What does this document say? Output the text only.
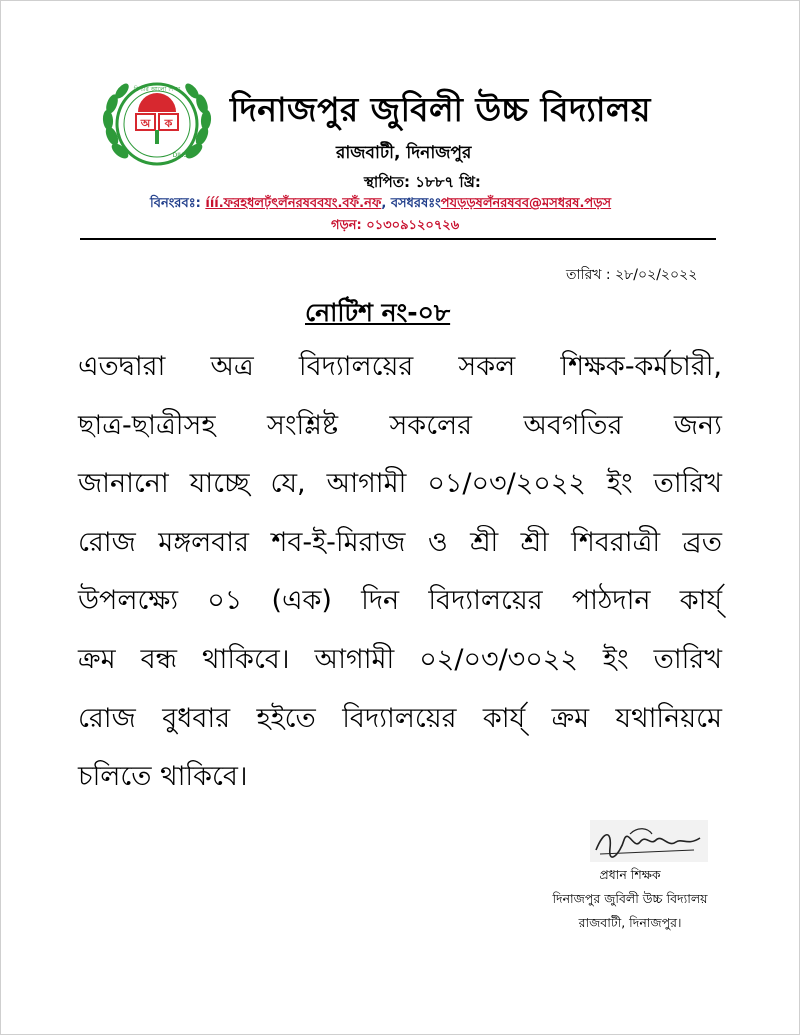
অ ক
বিদ্যার আলো শিক্ষা
DJHS
দিনাজপুর জুবিলী উচ্চ বিদ্যালয়
রাজবাটী, দিনাজপুর
স্থাপিত: ১৮৮৭ খ্রি:
বিনংরবঃ: ííí.ফরহধলঢ়ঁৎলঁনরষববযং.বফঁ.নফ, বসধরষঃংপযড়ড়ষলঁনরষবব@মসধরষ.পড়স
গড়ন: ০১৩০৯১২০৭২৬
তারিখ : ২৮/০২/২০২২
নোটিশ নং-০৮
এতদ্বারা অত্র বিদ্যালয়ের সকল শিক্ষক-কর্মচারী,
ছাত্র-ছাত্রীসহ সংশ্লিষ্ট সকলের অবগতির জন্য
জানানো যাচ্ছে যে, আগামী ০১/০৩/২০২২ ইং তারিখ
রোজ মঙ্গলবার শব-ই-মিরাজ ও শ্রী শ্রী শিবরাত্রী ব্রত
উপলক্ষ্যে ০১ (এক) দিন বিদ্যালয়ের পাঠদান কার্য্
ক্রম বন্ধ থাকিবে। আগামী ০২/০৩/৩০২২ ইং তারিখ
রোজ বুধবার হইতে বিদ্যালয়ের কার্য্ ক্রম যথানিয়মে
চলিতে থাকিবে।
প্রধান শিক্ষক
দিনাজপুর জুবিলী উচ্চ বিদ্যালয়
রাজবাটী, দিনাজপুর।
